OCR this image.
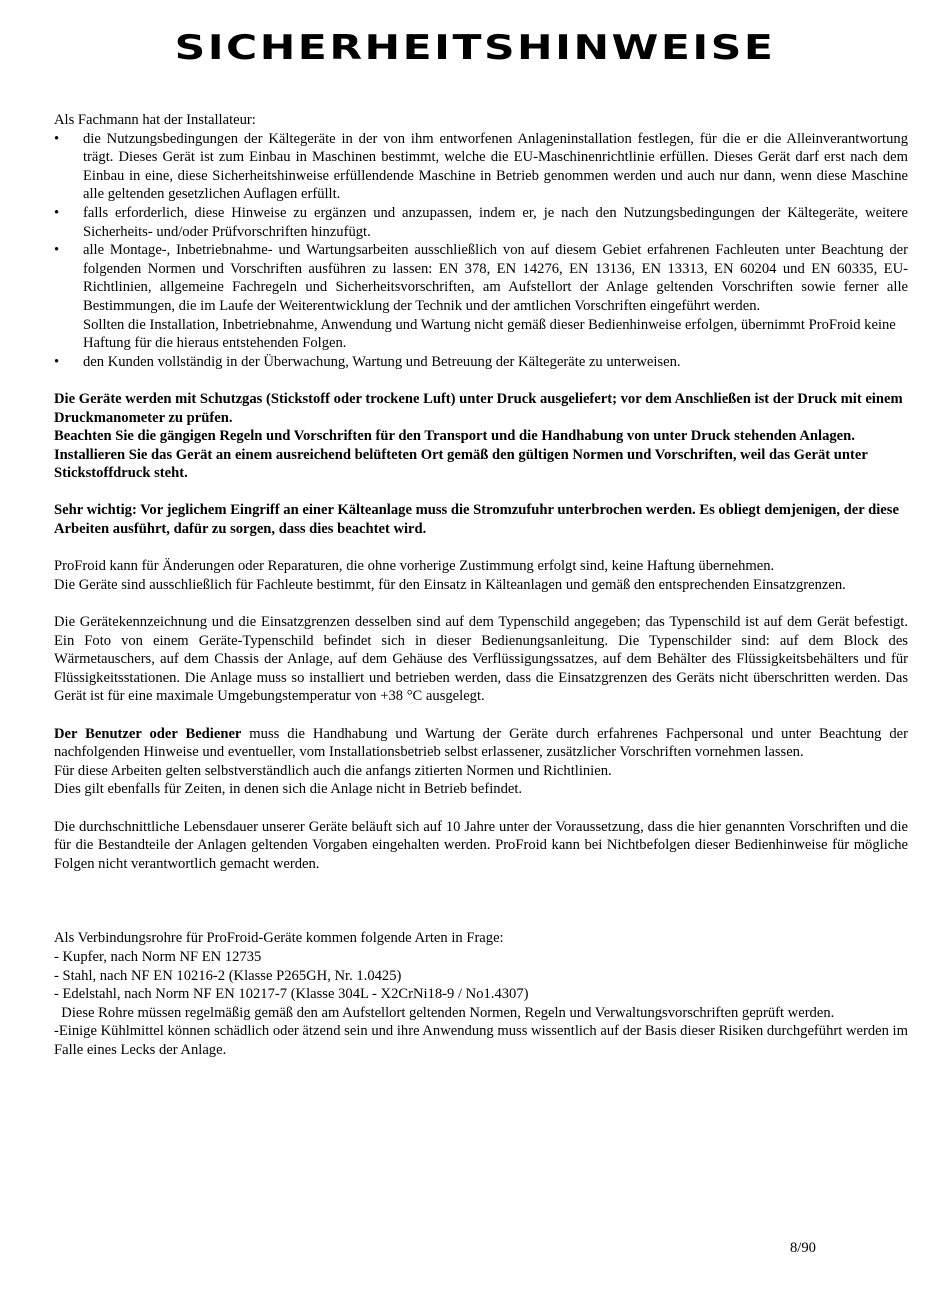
SICHERHEITSHINWEISE

Als Fachmann hat der Installateur:

• die Nutzungsbedingungen der Kältegeräte in der von ihm entworfenen Anlageninstallation festlegen, für die er die Alleinverantwortung trägt. Dieses Gerät ist zum Einbau in Maschinen bestimmt, welche die EU-Maschinenrichtlinie erfüllen. Dieses Gerät darf erst nach dem Einbau in eine, diese Sicherheitshinweise erfüllendende Maschine in Betrieb genommen werden und auch nur dann, wenn diese Maschine alle geltenden gesetzlichen Auflagen erfüllt.
• falls erforderlich, diese Hinweise zu ergänzen und anzupassen, indem er, je nach den Nutzungsbedingungen der Kältegeräte, weitere Sicherheits- und/oder Prüfvorschriften hinzufügt.
• alle Montage-, Inbetriebnahme- und Wartungsarbeiten ausschließlich von auf diesem Gebiet erfahrenen Fachleuten unter Beachtung der folgenden Normen und Vorschriften ausführen zu lassen: EN 378, EN 14276, EN 13136, EN 13313, EN 60204 und EN 60335, EU-Richtlinien, allgemeine Fachregeln und Sicherheitsvorschriften, am Aufstellort der Anlage geltenden Vorschriften sowie ferner alle Bestimmungen, die im Laufe der Weiterentwicklung der Technik und der amtlichen Vorschriften eingeführt werden.
Sollten die Installation, Inbetriebnahme, Anwendung und Wartung nicht gemäß dieser Bedienhinweise erfolgen, übernimmt ProFroid keine Haftung für die hieraus entstehenden Folgen.
• den Kunden vollständig in der Überwachung, Wartung und Betreuung der Kältegeräte zu unterweisen.

Die Geräte werden mit Schutzgas (Stickstoff oder trockene Luft) unter Druck ausgeliefert; vor dem Anschließen ist der Druck mit einem Druckmanometer zu prüfen.

Beachten Sie die gängigen Regeln und Vorschriften für den Transport und die Handhabung von unter Druck stehenden Anlagen.

Installieren Sie das Gerät an einem ausreichend belüfteten Ort gemäß den gültigen Normen und Vorschriften, weil das Gerät unter Stickstoffdruck steht.

Sehr wichtig: Vor jeglichem Eingriff an einer Kälteanlage muss die Stromzufuhr unterbrochen werden. Es obliegt demjenigen, der diese Arbeiten ausführt, dafür zu sorgen, dass dies beachtet wird.

ProFroid kann für Änderungen oder Reparaturen, die ohne vorherige Zustimmung erfolgt sind, keine Haftung übernehmen.

Die Geräte sind ausschließlich für Fachleute bestimmt, für den Einsatz in Kälteanlagen und gemäß den entsprechenden Einsatzgrenzen.

Die Gerätekennzeichnung und die Einsatzgrenzen desselben sind auf dem Typenschild angegeben; das Typenschild ist auf dem Gerät befestigt. Ein Foto von einem Geräte-Typenschild befindet sich in dieser Bedienungsanleitung. Die Typenschilder sind: auf dem Block des Wärmetauschers, auf dem Chassis der Anlage, auf dem Gehäuse des Verflüssigungssatzes, auf dem Behälter des Flüssigkeitsbehälters und für Flüssigkeitsstationen. Die Anlage muss so installiert und betrieben werden, dass die Einsatzgrenzen des Geräts nicht überschritten werden. Das Gerät ist für eine maximale Umgebungstemperatur von +38 °C ausgelegt.

Der Benutzer oder Bediener muss die Handhabung und Wartung der Geräte durch erfahrenes Fachpersonal und unter Beachtung der nachfolgenden Hinweise und eventueller, vom Installationsbetrieb selbst erlassener, zusätzlicher Vorschriften vornehmen lassen.

Für diese Arbeiten gelten selbstverständlich auch die anfangs zitierten Normen und Richtlinien.

Dies gilt ebenfalls für Zeiten, in denen sich die Anlage nicht in Betrieb befindet.

Die durchschnittliche Lebensdauer unserer Geräte beläuft sich auf 10 Jahre unter der Voraussetzung, dass die hier genannten Vorschriften und die für die Bestandteile der Anlagen geltenden Vorgaben eingehalten werden. ProFroid kann bei Nichtbefolgen dieser Bedienhinweise für mögliche Folgen nicht verantwortlich gemacht werden.

Als Verbindungsrohre für ProFroid-Geräte kommen folgende Arten in Frage:

- Kupfer, nach Norm NF EN 12735

- Stahl, nach NF EN 10216-2 (Klasse P265GH, Nr. 1.0425)

- Edelstahl, nach Norm NF EN 10217-7 (Klasse 304L - X2CrNi18-9 / No1.4307)

Diese Rohre müssen regelmäßig gemäß den am Aufstellort geltenden Normen, Regeln und Verwaltungsvorschriften geprüft werden.

-Einige Kühlmittel können schädlich oder ätzend sein und ihre Anwendung muss wissentlich auf der Basis dieser Risiken durchgeführt werden im Falle eines Lecks der Anlage.

8/90
